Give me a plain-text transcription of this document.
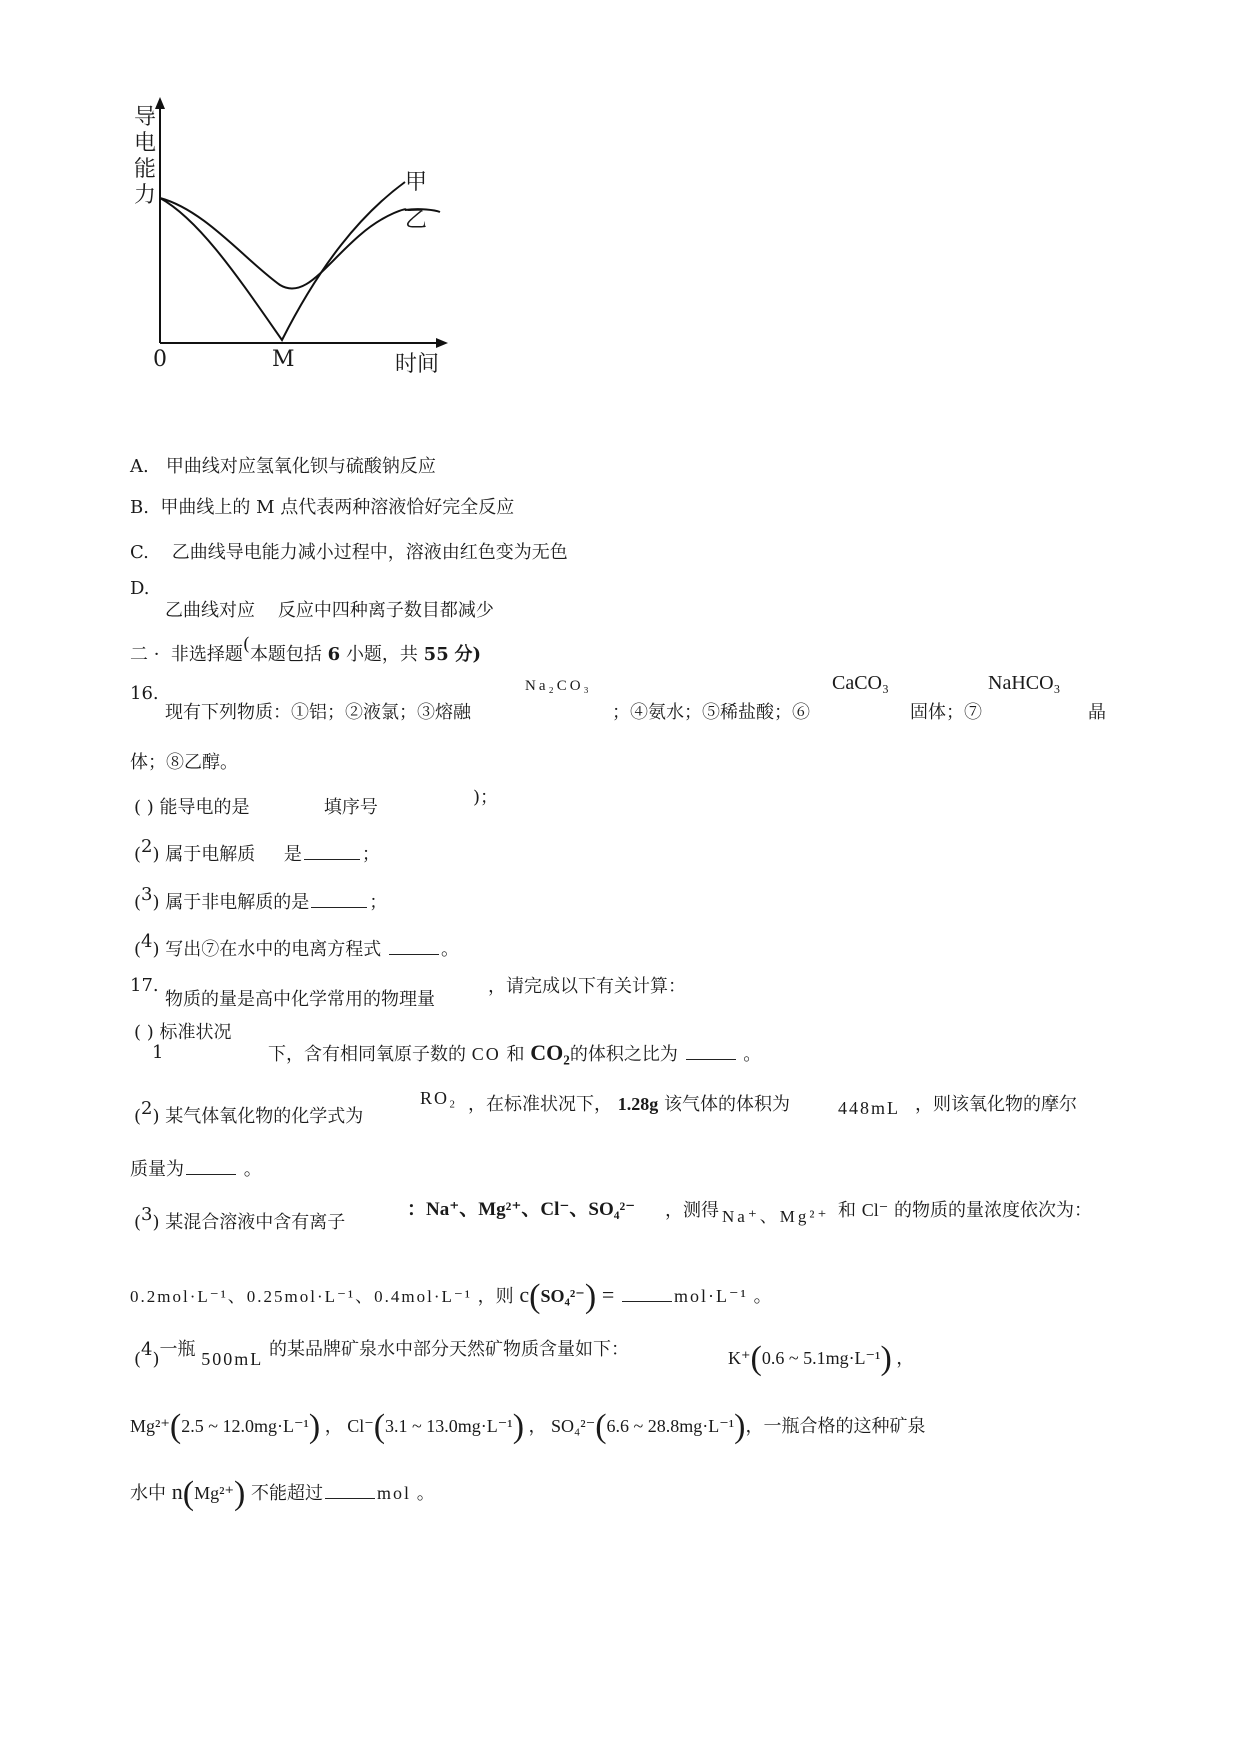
导
电
能
力
甲
乙
0	M	时间
A. 甲曲线对应氢氧化钡与硫酸钠反应
B. 甲曲线上的 M 点代表两种溶液恰好完全反应
C. 乙曲线导电能力减小过程中，溶液由红色变为无色
D.
乙曲线对应 反应中四种离子数目都减少
二 · 非选择题(本题包括 6 小题，共 55 分)
16.
现有下列物质：①铝；②液氯；③熔融
Na₂CO₃
；④氨水；⑤稀盐酸；⑥
CaCO₃
固体；⑦
NaHCO₃
晶
体；⑧乙醇。
( ) 能导电的是	填序号	)；
(2) 属于电解质 是	；
(3) 属于非电解质的是	；
(4) 写出⑦在水中的电离方程式	。
17.
物质的量是高中化学常用的物理量
，请完成以下有关计算：
( ) 标准状况
1	下，含有相同氧原子数的 CO 和 CO₂的体积之比为	。
(2) 某气体氧化物的化学式为
RO₂ ，在标准状况下， 1.28g 该气体的体积为	448mL ，则该氧化物的摩尔
质量为	。
(3) 某混合溶液中含有离子
：Na⁺、Mg²⁺、Cl⁻、SO₄²⁻ ，测得 Na⁺、Mg²⁺ 和 Cl⁻ 的物质的量浓度依次为：
0.2mol·L⁻¹、0.25mol·L⁻¹、0.4mol·L⁻¹ ，则 c(SO₄²⁻) =	mol·L⁻¹ 。
(4)一瓶 500mL 的某品牌矿泉水中部分天然矿物质含量如下：	K⁺(0.6 ~ 5.1mg·L⁻¹) ，
Mg²⁺(2.5 ~ 12.0mg·L⁻¹) ， Cl⁻(3.1 ~ 13.0mg·L⁻¹) ， SO₄²⁻(6.6 ~ 28.8mg·L⁻¹)，一瓶合格的这种矿泉
水中 n(Mg²⁺) 不能超过	mol 。
